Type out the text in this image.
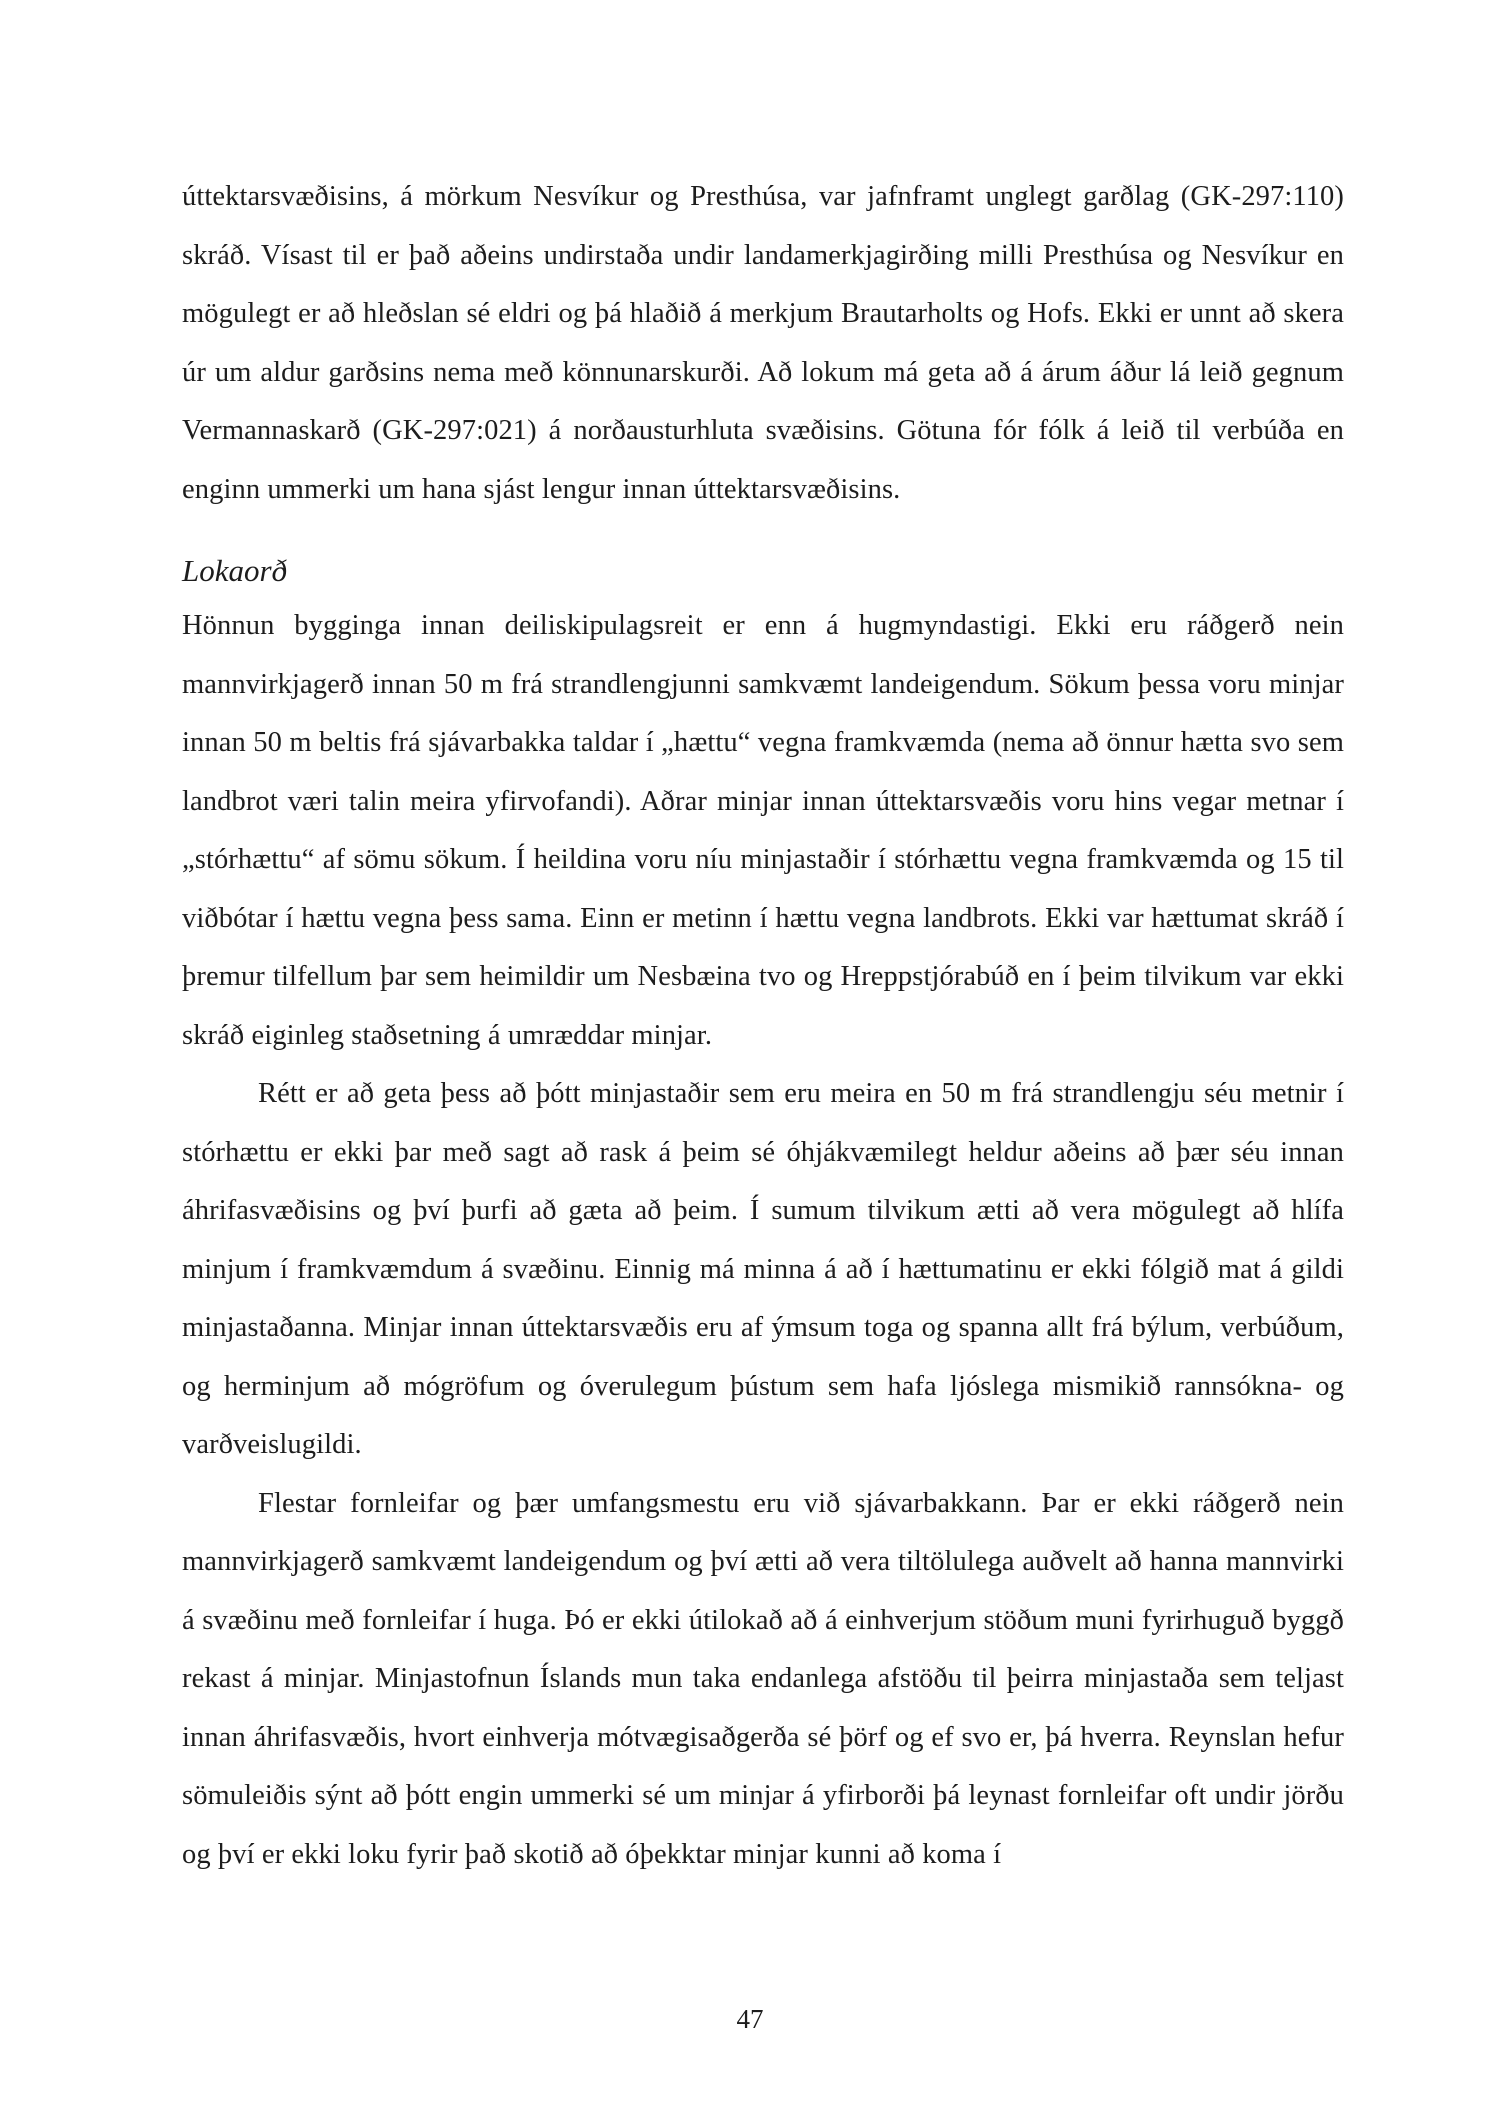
úttektarsvæðisins, á mörkum Nesvíkur og Presthúsa, var jafnframt unglegt garðlag (GK-297:110) skráð. Vísast til er það aðeins undirstaða undir landamerkjagirðing milli Presthúsa og Nesvíkur en mögulegt er að hleðslan sé eldri og þá hlaðið á merkjum Brautarholts og Hofs. Ekki er unnt að skera úr um aldur garðsins nema með könnunarskurði. Að lokum má geta að á árum áður lá leið gegnum Vermannaskarð (GK-297:021) á norðausturhluta svæðisins. Götuna fór fólk á leið til verbúða en enginn ummerki um hana sjást lengur innan úttektarsvæðisins.

Lokaorð

Hönnun bygginga innan deiliskipulagsreit er enn á hugmyndastigi. Ekki eru ráðgerð nein mannvirkjagerð innan 50 m frá strandlengjunni samkvæmt landeigendum. Sökum þessa voru minjar innan 50 m beltis frá sjávarbakka taldar í „hættu“ vegna framkvæmda (nema að önnur hætta svo sem landbrot væri talin meira yfirvofandi). Aðrar minjar innan úttektarsvæðis voru hins vegar metnar í „stórhættu“ af sömu sökum. Í heildina voru níu minjastaðir í stórhættu vegna framkvæmda og 15 til viðbótar í hættu vegna þess sama. Einn er metinn í hættu vegna landbrots. Ekki var hættumat skráð í þremur tilfellum þar sem heimildir um Nesbæina tvo og Hreppstjórabúð en í þeim tilvikum var ekki skráð eiginleg staðsetning á umræddar minjar.

Rétt er að geta þess að þótt minjastaðir sem eru meira en 50 m frá strandlengju séu metnir í stórhættu er ekki þar með sagt að rask á þeim sé óhjákvæmilegt heldur aðeins að þær séu innan áhrifasvæðisins og því þurfi að gæta að þeim. Í sumum tilvikum ætti að vera mögulegt að hlífa minjum í framkvæmdum á svæðinu. Einnig má minna á að í hættumatinu er ekki fólgið mat á gildi minjastaðanna. Minjar innan úttektarsvæðis eru af ýmsum toga og spanna allt frá býlum, verbúðum, og herminjum að mógröfum og óverulegum þústum sem hafa ljóslega mismikið rannsókna- og varðveislugildi.

Flestar fornleifar og þær umfangsmestu eru við sjávarbakkann. Þar er ekki ráðgerð nein mannvirkjagerð samkvæmt landeigendum og því ætti að vera tiltölulega auðvelt að hanna mannvirki á svæðinu með fornleifar í huga. Þó er ekki útilokað að á einhverjum stöðum muni fyrirhuguð byggð rekast á minjar. Minjastofnun Íslands mun taka endanlega afstöðu til þeirra minjastaða sem teljast innan áhrifasvæðis, hvort einhverja mótvægisaðgerða sé þörf og ef svo er, þá hverra. Reynslan hefur sömuleiðis sýnt að þótt engin ummerki sé um minjar á yfirborði þá leynast fornleifar oft undir jörðu og því er ekki loku fyrir það skotið að óþekktar minjar kunni að koma í

47
